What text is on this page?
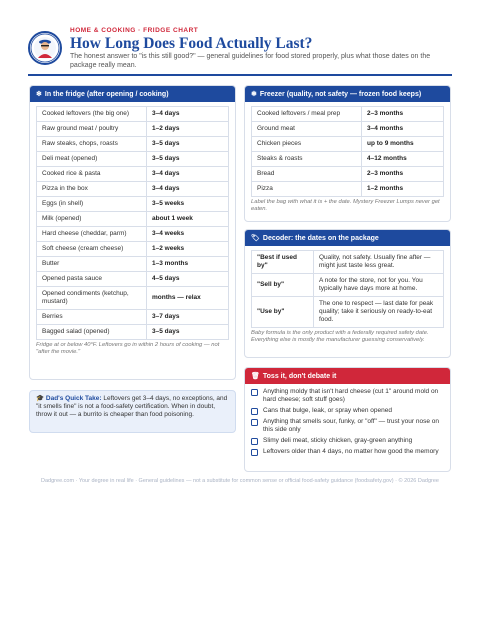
HOME & COOKING · FRIDGE CHART
How Long Does Food Actually Last?
The honest answer to "is this still good?" — general guidelines for food stored properly, plus what those dates on the package really mean.
❄ In the fridge (after opening / cooking)
Cooked leftovers (the big one)	3–4 days
Raw ground meat / poultry	1–2 days
Raw steaks, chops, roasts	3–5 days
Deli meat (opened)	3–5 days
Cooked rice & pasta	3–4 days
Pizza in the box	3–4 days
Eggs (in shell)	3–5 weeks
Milk (opened)	about 1 week
Hard cheese (cheddar, parm)	3–4 weeks
Soft cheese (cream cheese)	1–2 weeks
Butter	1–3 months
Opened pasta sauce	4–5 days
Opened condiments (ketchup, mustard)	months — relax
Berries	3–7 days
Bagged salad (opened)	3–5 days
Fridge at or below 40°F. Leftovers go in within 2 hours of cooking — not "after the movie."
🎓 Dad's Quick Take: Leftovers get 3–4 days, no exceptions, and "it smells fine" is not a food-safety certification. When in doubt, throw it out — a burrito is cheaper than food poisoning.
❅ Freezer (quality, not safety — frozen food keeps)
Cooked leftovers / meal prep	2–3 months
Ground meat	3–4 months
Chicken pieces	up to 9 months
Steaks & roasts	4–12 months
Bread	2–3 months
Pizza	1–2 months
Label the bag with what it is + the date. Mystery Freezer Lumps never get eaten.
🏷 Decoder: the dates on the package
"Best if used by"	Quality, not safety. Usually fine after — might just taste less great.
"Sell by"	A note for the store, not for you. You typically have days more at home.
"Use by"	The one to respect — last date for peak quality; take it seriously on ready-to-eat food.
Baby formula is the only product with a federally required safety date. Everything else is mostly the manufacturer guessing conservatively.
🗑 Toss it, don't debate it
Anything moldy that isn't hard cheese (cut 1" around mold on hard cheese; soft stuff goes)
Cans that bulge, leak, or spray when opened
Anything that smells sour, funky, or "off" — trust your nose on this side only
Slimy deli meat, sticky chicken, gray-green anything
Leftovers older than 4 days, no matter how good the memory
Dadgree.com · Your degree in real life · General guidelines — not a substitute for common sense or official food-safety guidance (foodsafety.gov) · © 2026 Dadgree
